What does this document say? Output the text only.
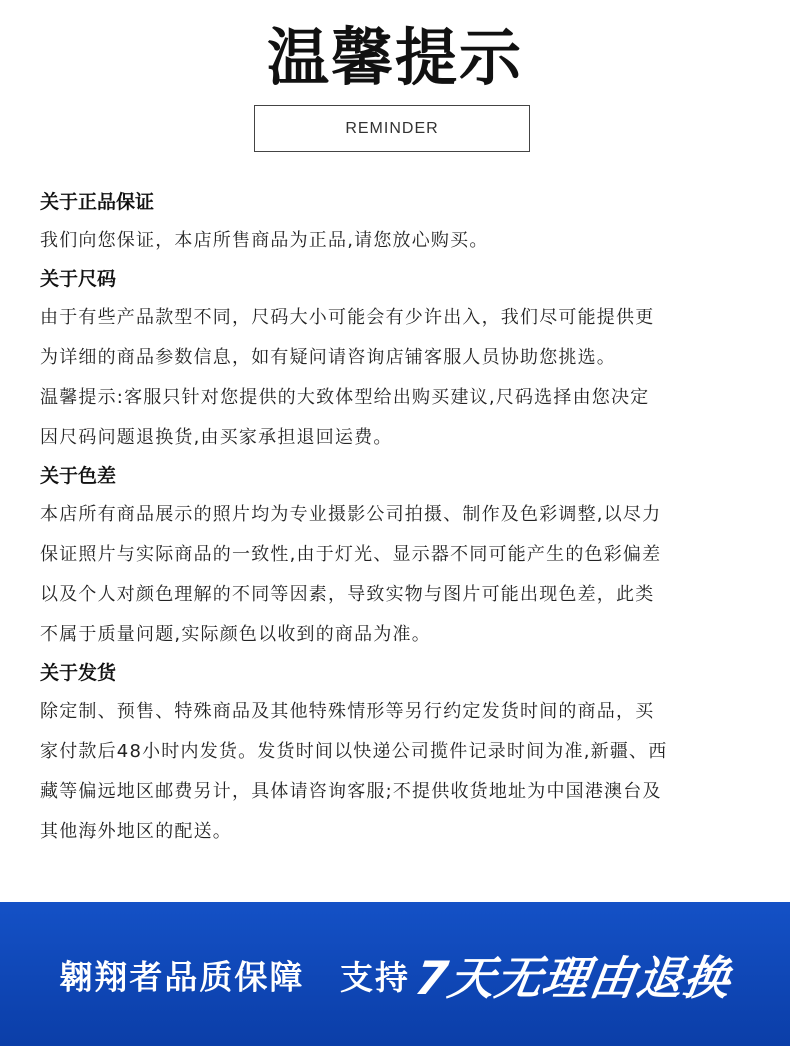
温馨提示
REMINDER
关于正品保证
我们向您保证，本店所售商品为正品,请您放心购买。
关于尺码
由于有些产品款型不同，尺码大小可能会有少许出入，我们尽可能提供更
为详细的商品参数信息，如有疑问请咨询店铺客服人员协助您挑选。
温馨提示:客服只针对您提供的大致体型给出购买建议,尺码选择由您决定
因尺码问题退换货,由买家承担退回运费。
关于色差
本店所有商品展示的照片均为专业摄影公司拍摄、制作及色彩调整,以尽力
保证照片与实际商品的一致性,由于灯光、显示器不同可能产生的色彩偏差
以及个人对颜色理解的不同等因素，导致实物与图片可能出现色差，此类
不属于质量问题,实际颜色以收到的商品为准。
关于发货
除定制、预售、特殊商品及其他特殊情形等另行约定发货时间的商品，买
家付款后48小时内发货。发货时间以快递公司揽件记录时间为准,新疆、西
藏等偏远地区邮费另计，具体请咨询客服;不提供收货地址为中国港澳台及
其他海外地区的配送。
翱翔者品质保障 支持 7天无理由退换
